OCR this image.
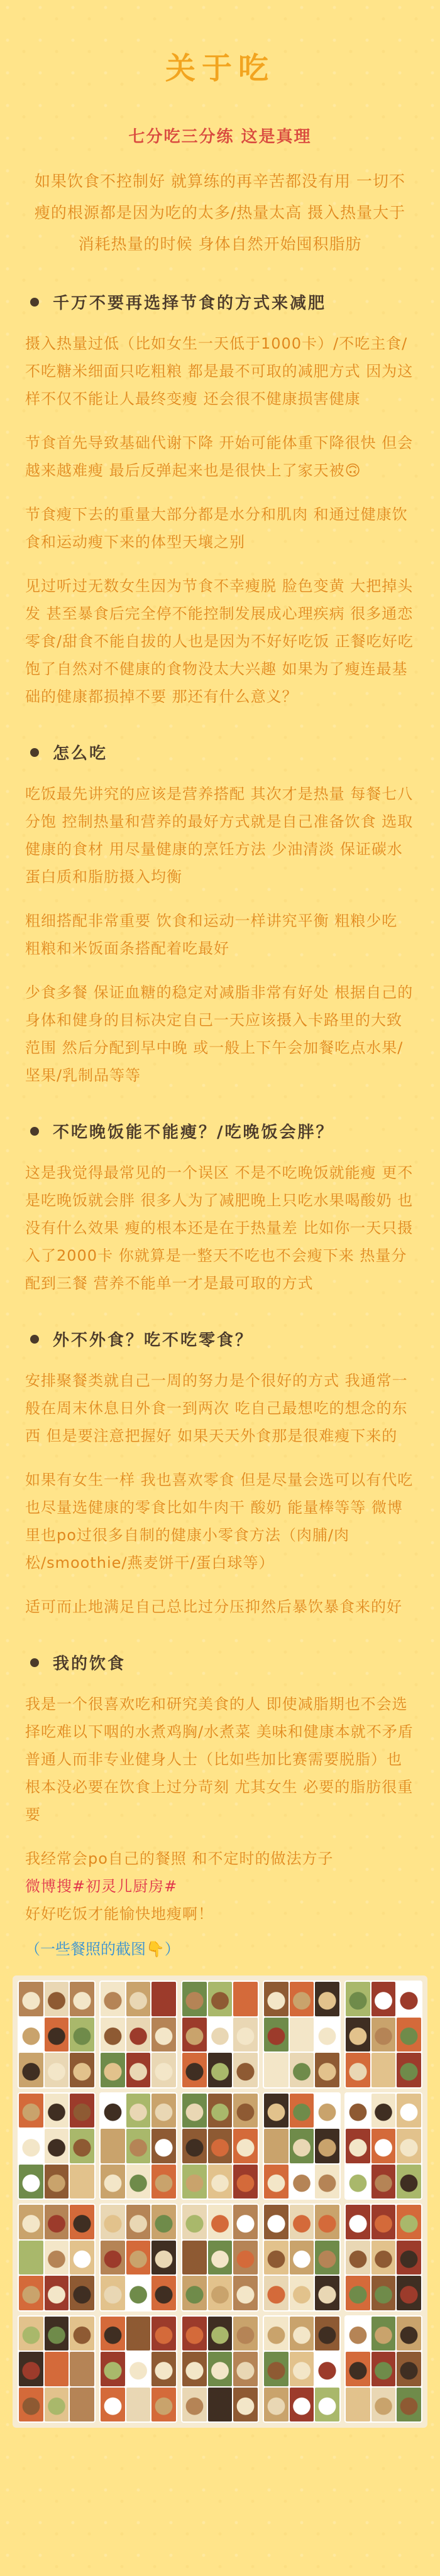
关于吃
七分吃三分练 这是真理

如果饮食不控制好 就算练的再辛苦都没有用 一切不瘦的根源都是因为吃的太多/热量太高 摄入热量大于消耗热量的时候 身体自然开始囤积脂肪

千万不要再选择节食的方式来减肥

摄入热量过低（比如女生一天低于1000卡）/不吃主食/不吃糖米细面只吃粗粮 都是最不可取的减肥方式 因为这样不仅不能让人最终变瘦 还会很不健康损害健康

节食首先导致基础代谢下降 开始可能体重下降很快 但会越来越难瘦 最后反弹起来也是很快上了家天被🙃

节食瘦下去的重量大部分都是水分和肌肉 和通过健康饮食和运动瘦下来的体型天壤之别

见过听过无数女生因为节食不幸瘦脱 脸色变黄 大把掉头发 甚至暴食后完全停不能控制发展成心理疾病 很多通恋零食/甜食不能自拔的人也是因为不好好吃饭 正餐吃好吃饱了自然对不健康的食物没太大兴趣 如果为了瘦连最基础的健康都损掉不要 那还有什么意义？

怎么吃

吃饭最先讲究的应该是营养搭配 其次才是热量 每餐七八分饱 控制热量和营养的最好方式就是自己准备饮食 选取健康的食材 用尽量健康的烹饪方法 少油清淡 保证碳水 蛋白质和脂肪摄入均衡

粗细搭配非常重要 饮食和运动一样讲究平衡 粗粮少吃 粗粮和米饭面条搭配着吃最好

少食多餐 保证血糖的稳定对减脂非常有好处 根据自己的身体和健身的目标决定自己一天应该摄入卡路里的大致范围 然后分配到早中晚 或一般上下午会加餐吃点水果/坚果/乳制品等等

不吃晚饭能不能瘦？/吃晚饭会胖？

这是我觉得最常见的一个误区 不是不吃晚饭就能瘦 更不是吃晚饭就会胖 很多人为了减肥晚上只吃水果喝酸奶 也没有什么效果 瘦的根本还是在于热量差 比如你一天只摄入了2000卡 你就算是一整天不吃也不会瘦下来 热量分配到三餐 营养不能单一才是最可取的方式

外不外食？吃不吃零食？

安排聚餐类就自己一周的努力是个很好的方式 我通常一般在周末休息日外食一到两次 吃自己最想吃的想念的东西 但是要注意把握好 如果天天外食那是很难瘦下来的

如果有女生一样 我也喜欢零食 但是尽量会选可以有代吃 也尽量选健康的零食比如牛肉干 酸奶 能量棒等等 微博里也po过很多自制的健康小零食方法（肉脯/肉松/smoothie/燕麦饼干/蛋白球等）

适可而止地满足自己总比过分压抑然后暴饮暴食来的好

我的饮食

我是一个很喜欢吃和研究美食的人 即使减脂期也不会选择吃难以下咽的水煮鸡胸/水煮菜 美味和健康本就不矛盾 普通人而非专业健身人士（比如些加比赛需要脱脂）也根本没必要在饮食上过分苛刻 尤其女生 必要的脂肪很重要

我经常会po自己的餐照 和不定时的做法方子

微博搜#初灵儿厨房#

好好吃饭才能愉快地瘦啊！

（一些餐照的截图👇）
